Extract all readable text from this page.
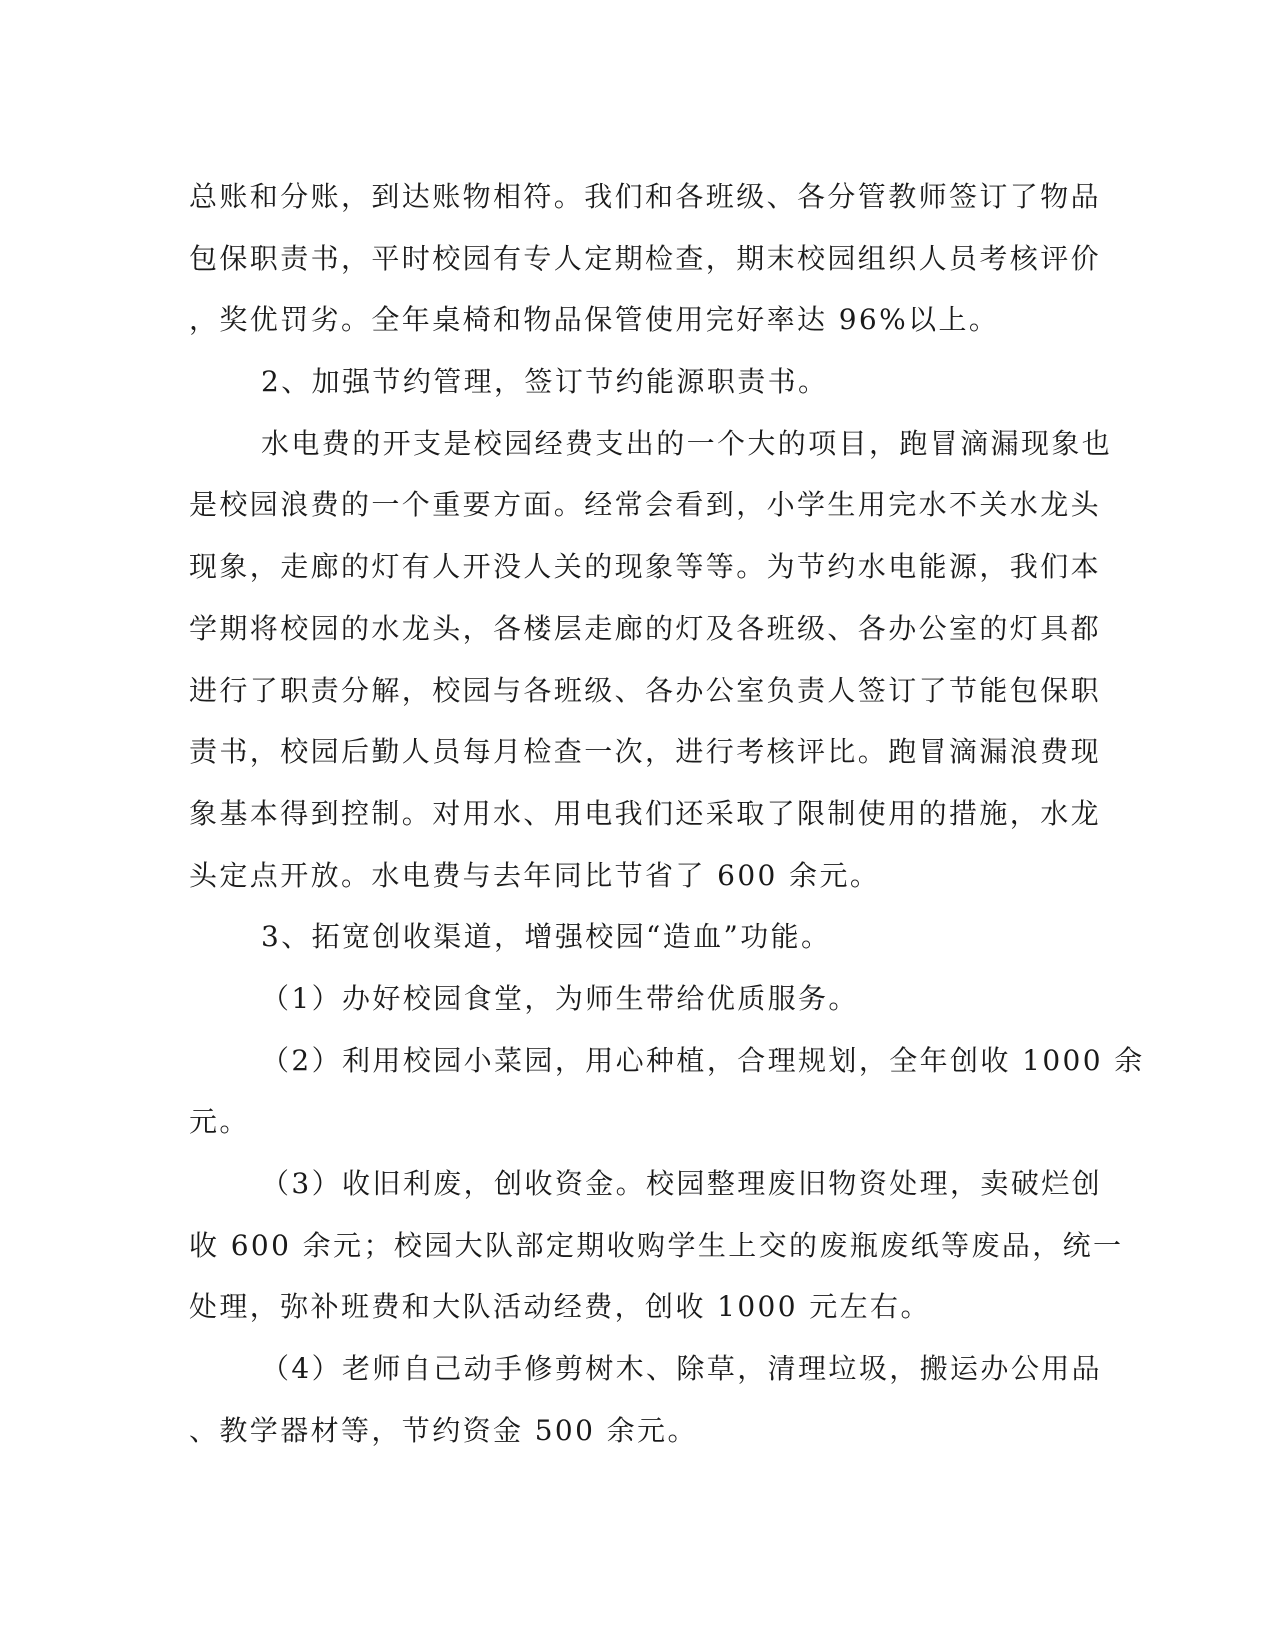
总账和分账，到达账物相符。我们和各班级、各分管教师签订了物品
包保职责书，平时校园有专人定期检查，期末校园组织人员考核评价
，奖优罚劣。全年桌椅和物品保管使用完好率达 96%以上。
2、加强节约管理，签订节约能源职责书。
水电费的开支是校园经费支出的一个大的项目，跑冒滴漏现象也
是校园浪费的一个重要方面。经常会看到，小学生用完水不关水龙头
现象，走廊的灯有人开没人关的现象等等。为节约水电能源，我们本
学期将校园的水龙头，各楼层走廊的灯及各班级、各办公室的灯具都
进行了职责分解，校园与各班级、各办公室负责人签订了节能包保职
责书，校园后勤人员每月检查一次，进行考核评比。跑冒滴漏浪费现
象基本得到控制。对用水、用电我们还采取了限制使用的措施，水龙
头定点开放。水电费与去年同比节省了 600 余元。
3、拓宽创收渠道，增强校园“造血”功能。
（1）办好校园食堂，为师生带给优质服务。
（2）利用校园小菜园，用心种植，合理规划，全年创收 1000 余
元。
（3）收旧利废，创收资金。校园整理废旧物资处理，卖破烂创
收 600 余元；校园大队部定期收购学生上交的废瓶废纸等废品，统一
处理，弥补班费和大队活动经费，创收 1000 元左右。
（4）老师自己动手修剪树木、除草，清理垃圾，搬运办公用品
、教学器材等，节约资金 500 余元。
